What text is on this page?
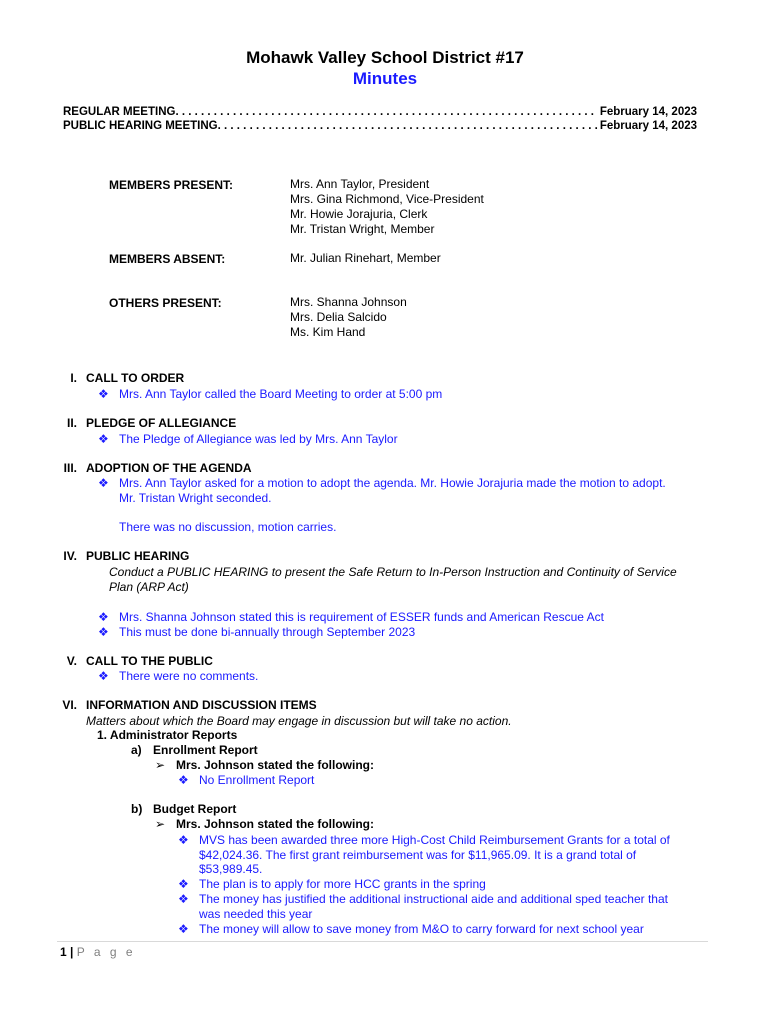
Mohawk Valley School District #17
Minutes
REGULAR MEETING . . .	February 14, 2023
PUBLIC HEARING MEETING . . .	February 14, 2023
MEMBERS PRESENT:	Mrs. Ann Taylor, President
Mrs. Gina Richmond, Vice-President
Mr. Howie Jorajuria, Clerk
Mr. Tristan Wright, Member
MEMBERS ABSENT:	Mr. Julian Rinehart, Member
OTHERS PRESENT:	Mrs. Shanna Johnson
Mrs. Delia Salcido
Ms. Kim Hand
I. CALL TO ORDER
❖ Mrs. Ann Taylor called the Board Meeting to order at 5:00 pm
II. PLEDGE OF ALLEGIANCE
❖ The Pledge of Allegiance was led by Mrs. Ann Taylor
III. ADOPTION OF THE AGENDA
❖ Mrs. Ann Taylor asked for a motion to adopt the agenda. Mr. Howie Jorajuria made the motion to adopt.
Mr. Tristan Wright seconded.
There was no discussion, motion carries.
IV. PUBLIC HEARING
Conduct a PUBLIC HEARING to present the Safe Return to In-Person Instruction and Continuity of Service
Plan (ARP Act)
❖ Mrs. Shanna Johnson stated this is requirement of ESSER funds and American Rescue Act
❖ This must be done bi-annually through September 2023
V. CALL TO THE PUBLIC
❖ There were no comments.
VI. INFORMATION AND DISCUSSION ITEMS
Matters about which the Board may engage in discussion but will take no action.
1. Administrator Reports
a) Enrollment Report
➢ Mrs. Johnson stated the following:
❖ No Enrollment Report
b) Budget Report
➢ Mrs. Johnson stated the following:
❖ MVS has been awarded three more High-Cost Child Reimbursement Grants for a total of
$42,024.36. The first grant reimbursement was for $11,965.09. It is a grand total of
$53,989.45.
❖ The plan is to apply for more HCC grants in the spring
❖ The money has justified the additional instructional aide and additional sped teacher that
was needed this year
❖ The money will allow to save money from M&O to carry forward for next school year
1 | P a g e
